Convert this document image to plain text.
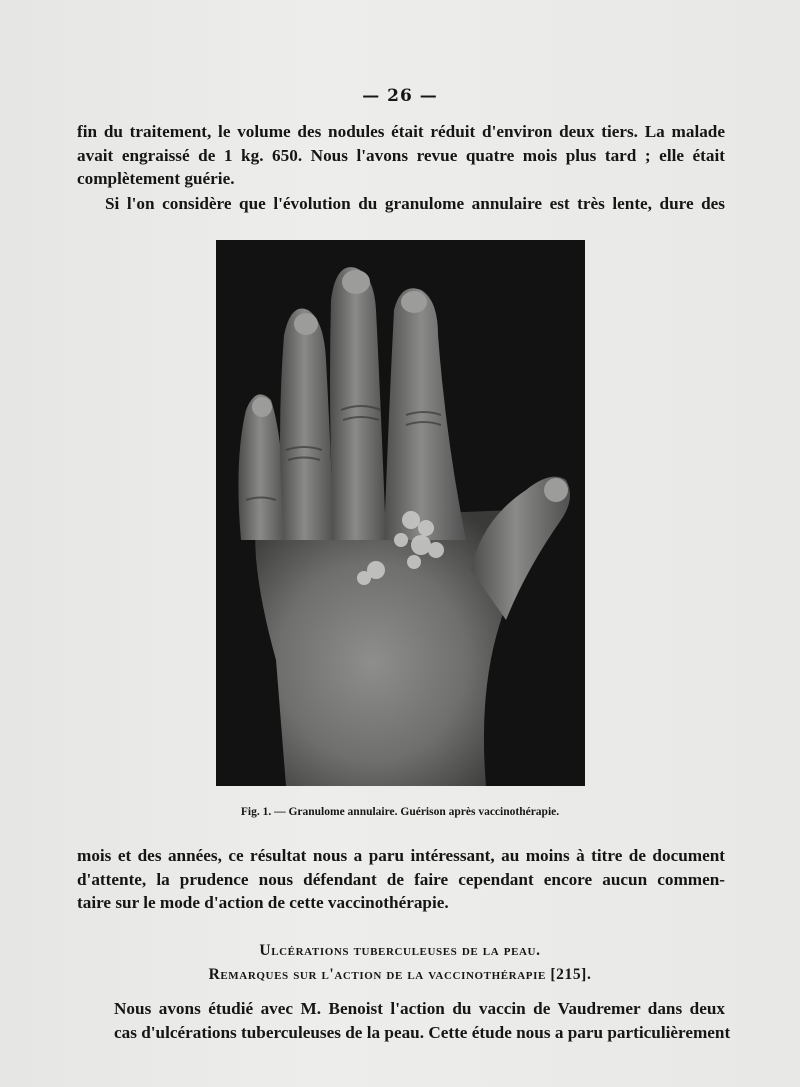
— 26 —
fin du traitement, le volume des nodules était réduit d'environ deux tiers. La malade
avait engraissé de 1 kg. 650. Nous l'avons revue quatre mois plus tard ; elle était
complètement guérie.
Si l'on considère que l'évolution du granulome annulaire est très lente, dure des
Fig. 1. — Granulome annulaire. Guérison après vaccinothérapie.
mois et des années, ce résultat nous a paru intéressant, au moins à titre de document
d'attente, la prudence nous défendant de faire cependant encore aucun commen-
taire sur le mode d'action de cette vaccinothérapie.
Ulcérations tuberculeuses de la peau.
Remarques sur l'action de la vaccinothérapie [215].
Nous avons étudié avec M. Benoist l'action du vaccin de Vaudremer dans deux
cas d'ulcérations tuberculeuses de la peau. Cette étude nous a paru particulièrement
